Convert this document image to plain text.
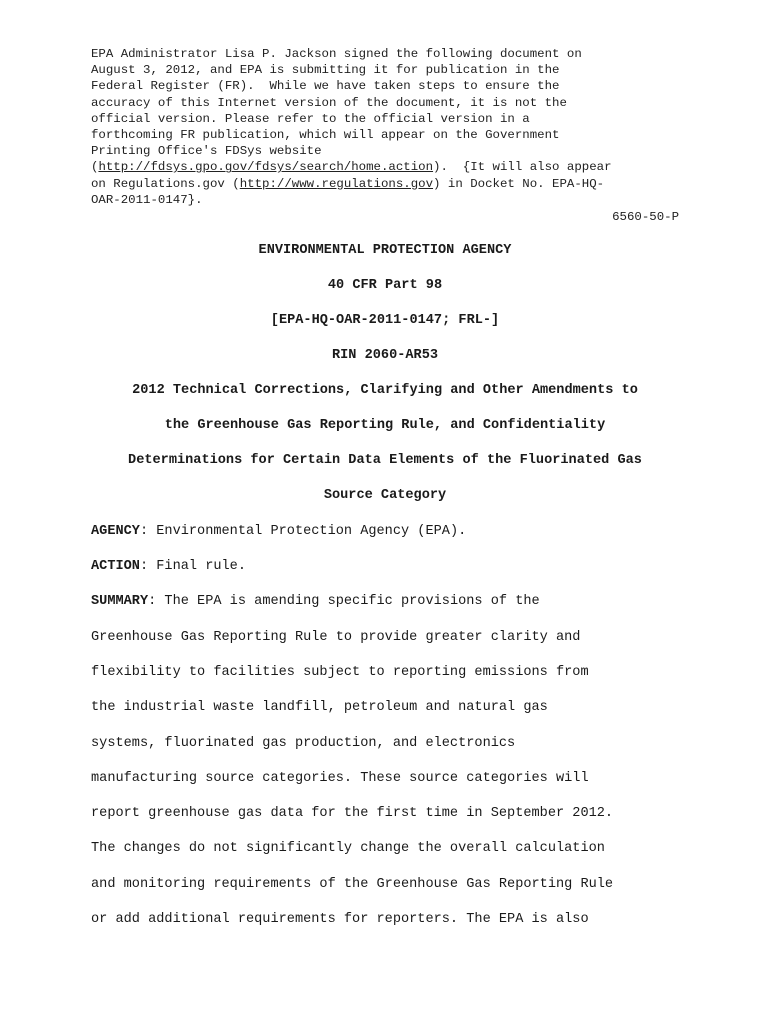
EPA Administrator Lisa P. Jackson signed the following document on
August 3, 2012, and EPA is submitting it for publication in the
Federal Register (FR).  While we have taken steps to ensure the
accuracy of this Internet version of the document, it is not the
official version. Please refer to the official version in a
forthcoming FR publication, which will appear on the Government
Printing Office's FDSys website
(http://fdsys.gpo.gov/fdsys/search/home.action).  {It will also appear
on Regulations.gov (http://www.regulations.gov) in Docket No. EPA-HQ-
OAR-2011-0147}.
6560-50-P
ENVIRONMENTAL PROTECTION AGENCY
40 CFR Part 98
[EPA-HQ-OAR-2011-0147; FRL-]
RIN 2060-AR53
2012 Technical Corrections, Clarifying and Other Amendments to
the Greenhouse Gas Reporting Rule, and Confidentiality
Determinations for Certain Data Elements of the Fluorinated Gas
Source Category
AGENCY: Environmental Protection Agency (EPA).
ACTION: Final rule.
SUMMARY: The EPA is amending specific provisions of the
Greenhouse Gas Reporting Rule to provide greater clarity and
flexibility to facilities subject to reporting emissions from
the industrial waste landfill, petroleum and natural gas
systems, fluorinated gas production, and electronics
manufacturing source categories. These source categories will
report greenhouse gas data for the first time in September 2012.
The changes do not significantly change the overall calculation
and monitoring requirements of the Greenhouse Gas Reporting Rule
or add additional requirements for reporters. The EPA is also
